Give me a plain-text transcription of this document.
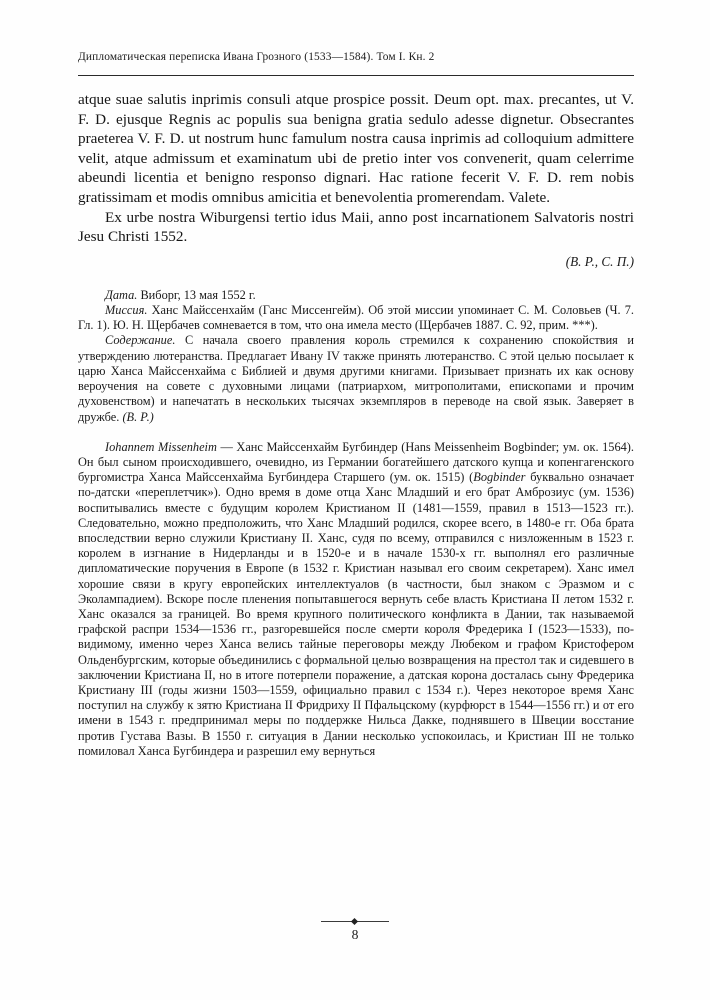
Дипломатическая переписка Ивана Грозного (1533—1584). Том I. Кн. 2

atque suae salutis inprimis consuli atque prospice possit. Deum opt. max. precantes, ut V. F. D. ejusque Regnis ac populis sua benigna gratia sedulo adesse dignetur. Obsecrantes praeterea V. F. D. ut nostrum hunc famulum nostra causa inprimis ad colloquium admittere velit, atque admissum et examinatum ubi de pretio inter vos convenerit, quam celerrime abeundi licentia et benigno responso dignari. Hac ratione fecerit V. F. D. rem nobis gratissimam et modis omnibus amicitia et benevolentia promerendam. Valete.

Ex urbe nostra Wiburgensi tertio idus Maii, anno post incarnationem Salvatoris nostri Jesu Christi 1552.

(В. Р., С. П.)

Дата. Виборг, 13 мая 1552 г.

Миссия. Ханс Майссенхайм (Ганс Миссенгейм). Об этой миссии упоминает С. М. Соловьев (Ч. 7. Гл. 1). Ю. Н. Щербачев сомневается в том, что она имела место (Щербачев 1887. С. 92, прим. ***).

Содержание. С начала своего правления король стремился к сохранению спокойствия и утверждению лютеранства. Предлагает Ивану IV также принять лютеранство. С этой целью посылает к царю Ханса Майссенхайма с Библией и двумя другими книгами. Призывает признать их как основу вероучения на совете с духовными лицами (патриархом, митрополитами, епископами и прочим духовенством) и напечатать в нескольких тысячах экземпляров в переводе на свой язык. Заверяет в дружбе. (В. Р.)

Iohannem Missenheim — Ханс Майссенхайм Бугбиндер (Hans Meissenheim Bogbinder; ум. ок. 1564). Он был сыном происходившего, очевидно, из Германии богатейшего датского купца и копенгагенского бургомистра Ханса Майссенхайма Бугбиндера Старшего (ум. ок. 1515) (Bogbinder буквально означает по-датски «переплетчик»). Одно время в доме отца Ханс Младший и его брат Амброзиус (ум. 1536) воспитывались вместе с будущим королем Кристианом II (1481—1559, правил в 1513—1523 гг.). Следовательно, можно предположить, что Ханс Младший родился, скорее всего, в 1480-е гг. Оба брата впоследствии верно служили Кристиану II. Ханс, судя по всему, отправился с низложенным в 1523 г. королем в изгнание в Нидерланды и в 1520-е и в начале 1530-х гг. выполнял его различные дипломатические поручения в Европе (в 1532 г. Кристиан называл его своим секретарем). Ханс имел хорошие связи в кругу европейских интеллектуалов (в частности, был знаком с Эразмом и с Эколампадием). Вскоре после пленения попытавшегося вернуть себе власть Кристиана II летом 1532 г. Ханс оказался за границей. Во время крупного политического конфликта в Дании, так называемой графской распри 1534—1536 гг., разгоревшейся после смерти короля Фредерика I (1523—1533), по-видимому, именно через Ханса велись тайные переговоры между Любеком и графом Кристофером Ольденбургским, которые объединились с формальной целью возвращения на престол так и сидевшего в заключении Кристиана II, но в итоге потерпели поражение, а датская корона досталась сыну Фредерика Кристиану III (годы жизни 1503—1559, официально правил с 1534 г.). Через некоторое время Ханс поступил на службу к зятю Кристиана II Фридриху II Пфальцскому (курфюрст в 1544—1556 гг.) и от его имени в 1543 г. предпринимал меры по поддержке Нильса Дакке, поднявшего в Швеции восстание против Густава Вазы. В 1550 г. ситуация в Дании несколько успокоилась, и Кристиан III не только помиловал Ханса Бугбиндера и разрешил ему вернуться

8
